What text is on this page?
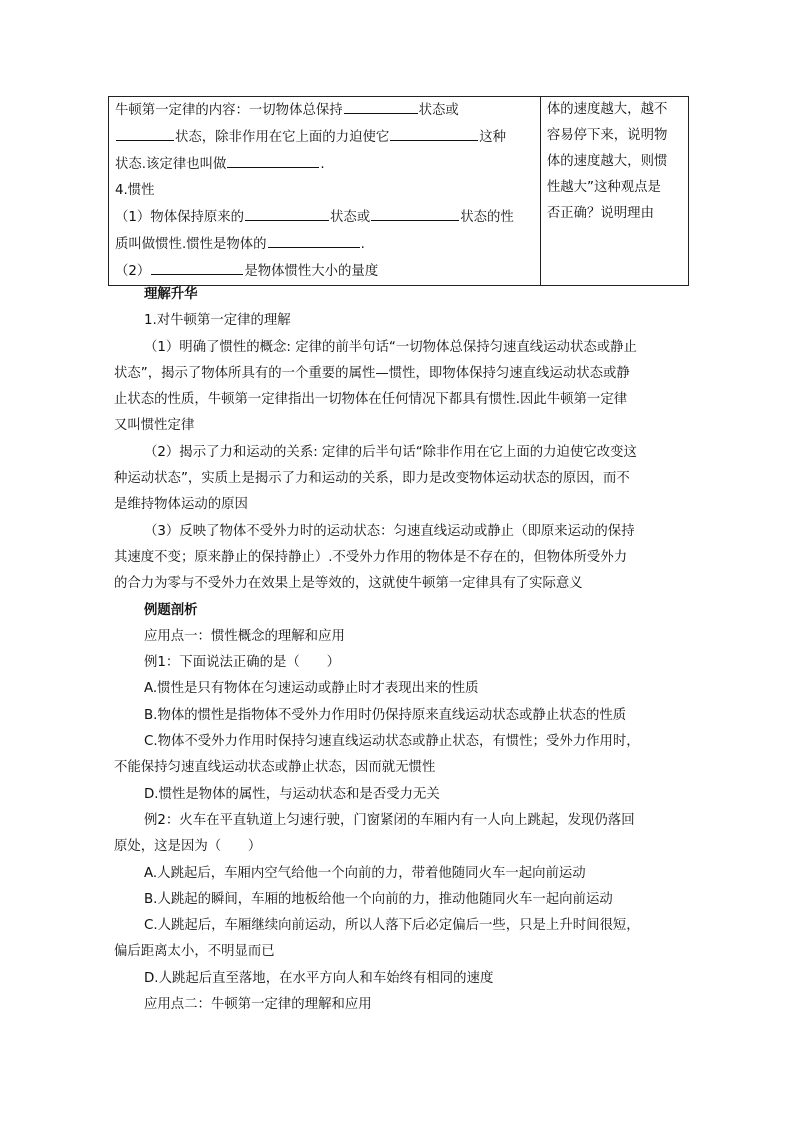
牛顿第一定律的内容：一切物体总保持	状态或
状态，除非作用在它上面的力迫使它	这种
状态.该定律也叫做	.
4.惯性
（1）物体保持原来的	状态或	状态的性
质叫做惯性.惯性是物体的	.
（2）	是物体惯性大小的量度

体的速度越大，越不
容易停下来，说明物
体的速度越大，则惯
性越大”这种观点是
否正确？说明理由

理解升华

1.对牛顿第一定律的理解

（1）明确了惯性的概念: 定律的前半句话“一切物体总保持匀速直线运动状态或静止

状态”，揭示了物体所具有的一个重要的属性—惯性，即物体保持匀速直线运动状态或静

止状态的性质，牛顿第一定律指出一切物体在任何情况下都具有惯性.因此牛顿第一定律

又叫惯性定律

（2）揭示了力和运动的关系: 定律的后半句话“除非作用在它上面的力迫使它改变这

种运动状态”，实质上是揭示了力和运动的关系，即力是改变物体运动状态的原因，而不

是维持物体运动的原因

（3）反映了物体不受外力时的运动状态：匀速直线运动或静止（即原来运动的保持

其速度不变；原来静止的保持静止）.不受外力作用的物体是不存在的，但物体所受外力

的合力为零与不受外力在效果上是等效的，这就使牛顿第一定律具有了实际意义

例题剖析

应用点一：惯性概念的理解和应用

例1：下面说法正确的是（　　）

A.惯性是只有物体在匀速运动或静止时才表现出来的性质

B.物体的惯性是指物体不受外力作用时仍保持原来直线运动状态或静止状态的性质

C.物体不受外力作用时保持匀速直线运动状态或静止状态，有惯性；受外力作用时，

不能保持匀速直线运动状态或静止状态，因而就无惯性

D.惯性是物体的属性，与运动状态和是否受力无关

例2：火车在平直轨道上匀速行驶，门窗紧闭的车厢内有一人向上跳起，发现仍落回

原处，这是因为（　　）

A.人跳起后，车厢内空气给他一个向前的力，带着他随同火车一起向前运动

B.人跳起的瞬间，车厢的地板给他一个向前的力，推动他随同火车一起向前运动

C.人跳起后，车厢继续向前运动，所以人落下后必定偏后一些，只是上升时间很短，

偏后距离太小，不明显而已

D.人跳起后直至落地，在水平方向人和车始终有相同的速度

应用点二：牛顿第一定律的理解和应用
